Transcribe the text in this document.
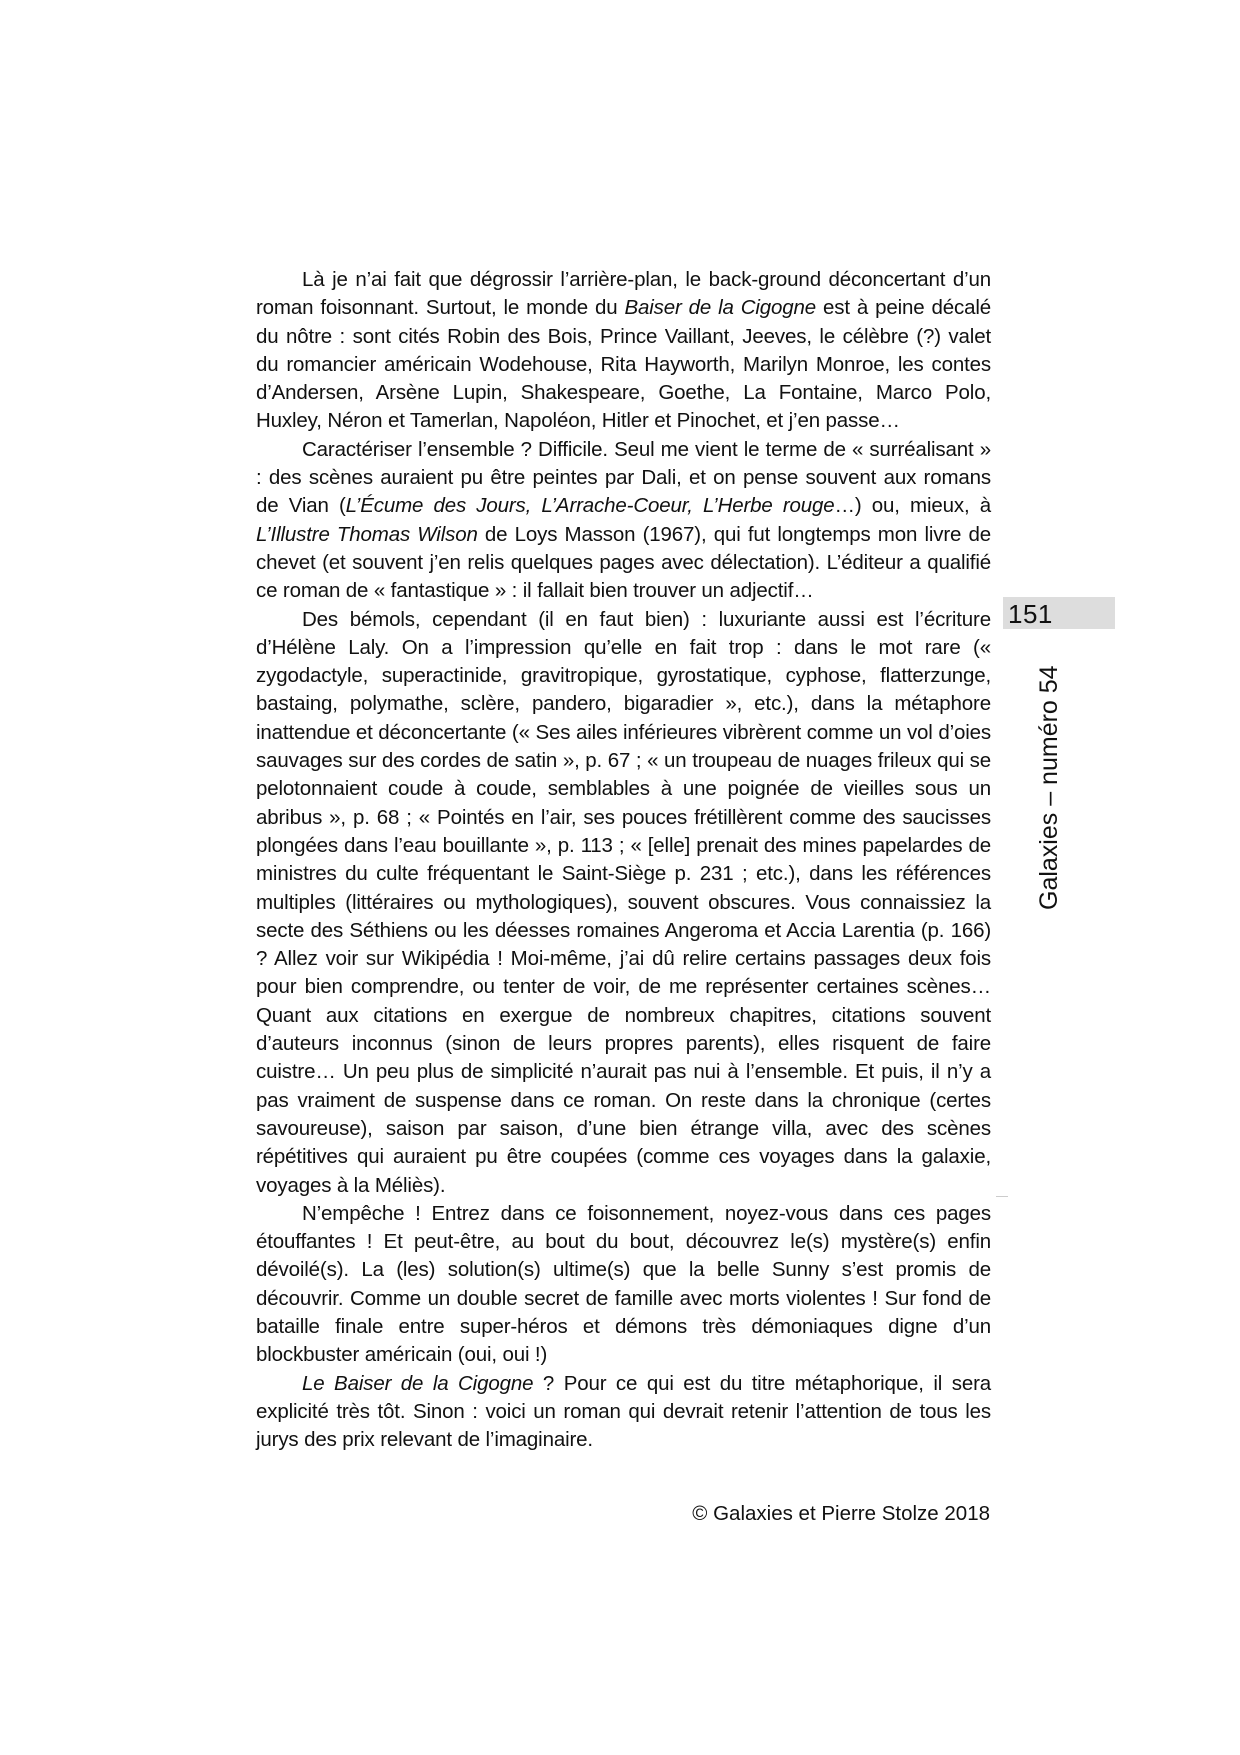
Là je n’ai fait que dégrossir l’arrière-plan, le back-ground déconcertant d’un roman foisonnant. Surtout, le monde du Baiser de la Cigogne est à peine décalé du nôtre : sont cités Robin des Bois, Prince Vaillant, Jeeves, le célèbre (?) valet du romancier américain Wodehouse, Rita Hayworth, Marilyn Monroe, les contes d’Andersen, Arsène Lupin, Shakespeare, Goethe, La Fontaine, Marco Polo, Huxley, Néron et Tamerlan, Napoléon, Hitler et Pinochet, et j’en passe…

Caractériser l’ensemble ? Difficile. Seul me vient le terme de « surréalisant » : des scènes auraient pu être peintes par Dali, et on pense souvent aux romans de Vian (L’Écume des Jours, L’Arrache-Coeur, L’Herbe rouge…) ou, mieux, à L’Illustre Thomas Wilson de Loys Masson (1967), qui fut longtemps mon livre de chevet (et souvent j’en relis quelques pages avec délectation). L’éditeur a qualifié ce roman de « fantastique » : il fallait bien trouver un adjectif…

Des bémols, cependant (il en faut bien) : luxuriante aussi est l’écriture d’Hélène Laly. On a l’impression qu’elle en fait trop : dans le mot rare (« zygodactyle, superactinide, gravitropique, gyrostatique, cyphose, flatterzunge, bastaing, polymathe, sclère, pandero, bigaradier », etc.), dans la métaphore inattendue et déconcertante (« Ses ailes inférieures vibrèrent comme un vol d’oies sauvages sur des cordes de satin », p. 67 ; « un troupeau de nuages frileux qui se pelotonnaient coude à coude, semblables à une poignée de vieilles sous un abribus », p. 68 ; « Pointés en l’air, ses pouces frétillèrent comme des saucisses plongées dans l’eau bouillante », p. 113 ; « [elle] prenait des mines papelardes de ministres du culte fréquentant le Saint-Siège p. 231 ; etc.), dans les références multiples (littéraires ou mythologiques), souvent obscures. Vous connaissiez la secte des Séthiens ou les déesses romaines Angeroma et Accia Larentia (p. 166) ? Allez voir sur Wikipédia ! Moi-même, j’ai dû relire certains passages deux fois pour bien comprendre, ou tenter de voir, de me représenter certaines scènes… Quant aux citations en exergue de nombreux chapitres, citations souvent d’auteurs inconnus (sinon de leurs propres parents), elles risquent de faire cuistre… Un peu plus de simplicité n’aurait pas nui à l’ensemble. Et puis, il n’y a pas vraiment de suspense dans ce roman. On reste dans la chronique (certes savoureuse), saison par saison, d’une bien étrange villa, avec des scènes répétitives qui auraient pu être coupées (comme ces voyages dans la galaxie, voyages à la Méliès).

N’empêche ! Entrez dans ce foisonnement, noyez-vous dans ces pages étouffantes ! Et peut-être, au bout du bout, découvrez le(s) mystère(s) enfin dévoilé(s). La (les) solution(s) ultime(s) que la belle Sunny s’est promis de découvrir. Comme un double secret de famille avec morts violentes ! Sur fond de bataille finale entre super-héros et démons très démoniaques digne d’un blockbuster américain (oui, oui !)

Le Baiser de la Cigogne ? Pour ce qui est du titre métaphorique, il sera explicité très tôt. Sinon : voici un roman qui devrait retenir l’attention de tous les jurys des prix relevant de l’imaginaire.

© Galaxies et Pierre Stolze 2018
151
Galaxies – numéro 54
